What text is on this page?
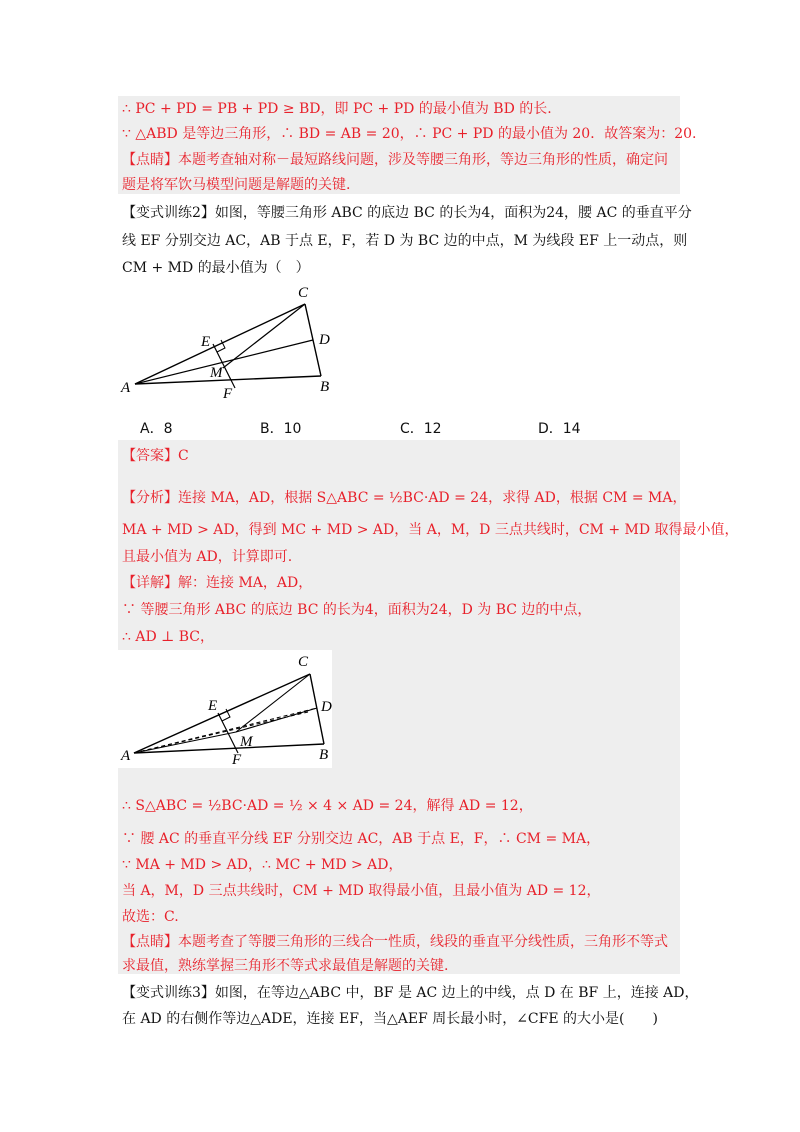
∴ PC + PD = PB + PD ≥ BD，即 PC + PD 的最小值为 BD 的长.
∵ △ABD 是等边三角形，∴ BD = AB = 20，∴ PC + PD 的最小值为 20．故答案为：20.
【点睛】本题考查轴对称－最短路线问题，涉及等腰三角形，等边三角形的性质，确定问
题是将军饮马模型问题是解题的关键.
【变式训练2】如图，等腰三角形 ABC 的底边 BC 的长为4，面积为24，腰 AC 的垂直平分
线 EF 分别交边 AC，AB 于点 E，F，若 D 为 BC 边的中点，M 为线段 EF 上一动点，则
CM + MD 的最小值为（　）
C
E	D
M
A	F	B
A．8	B．10	C．12	D．14
【答案】C
【分析】连接 MA，AD，根据 S△ABC = ½BC·AD = 24，求得 AD，根据 CM = MA，
MA + MD > AD，得到 MC + MD > AD，当 A，M，D 三点共线时，CM + MD 取得最小值，
且最小值为 AD，计算即可.
【详解】解：连接 MA，AD，
∵ 等腰三角形 ABC 的底边 BC 的长为4，面积为24，D 为 BC 边的中点，
∴ AD ⊥ BC，
C
E	D
M
A	F	B
∴ S△ABC = ½BC·AD = ½ × 4 × AD = 24，解得 AD = 12，
∵ 腰 AC 的垂直平分线 EF 分别交边 AC，AB 于点 E，F，∴ CM = MA，
∵ MA + MD > AD，∴ MC + MD > AD，
当 A，M，D 三点共线时，CM + MD 取得最小值，且最小值为 AD = 12，
故选：C.
【点睛】本题考查了等腰三角形的三线合一性质，线段的垂直平分线性质，三角形不等式
求最值，熟练掌握三角形不等式求最值是解题的关键.
【变式训练3】如图，在等边△ABC 中，BF 是 AC 边上的中线，点 D 在 BF 上，连接 AD，
在 AD 的右侧作等边△ADE，连接 EF，当△AEF 周长最小时，∠CFE 的大小是(　　)
